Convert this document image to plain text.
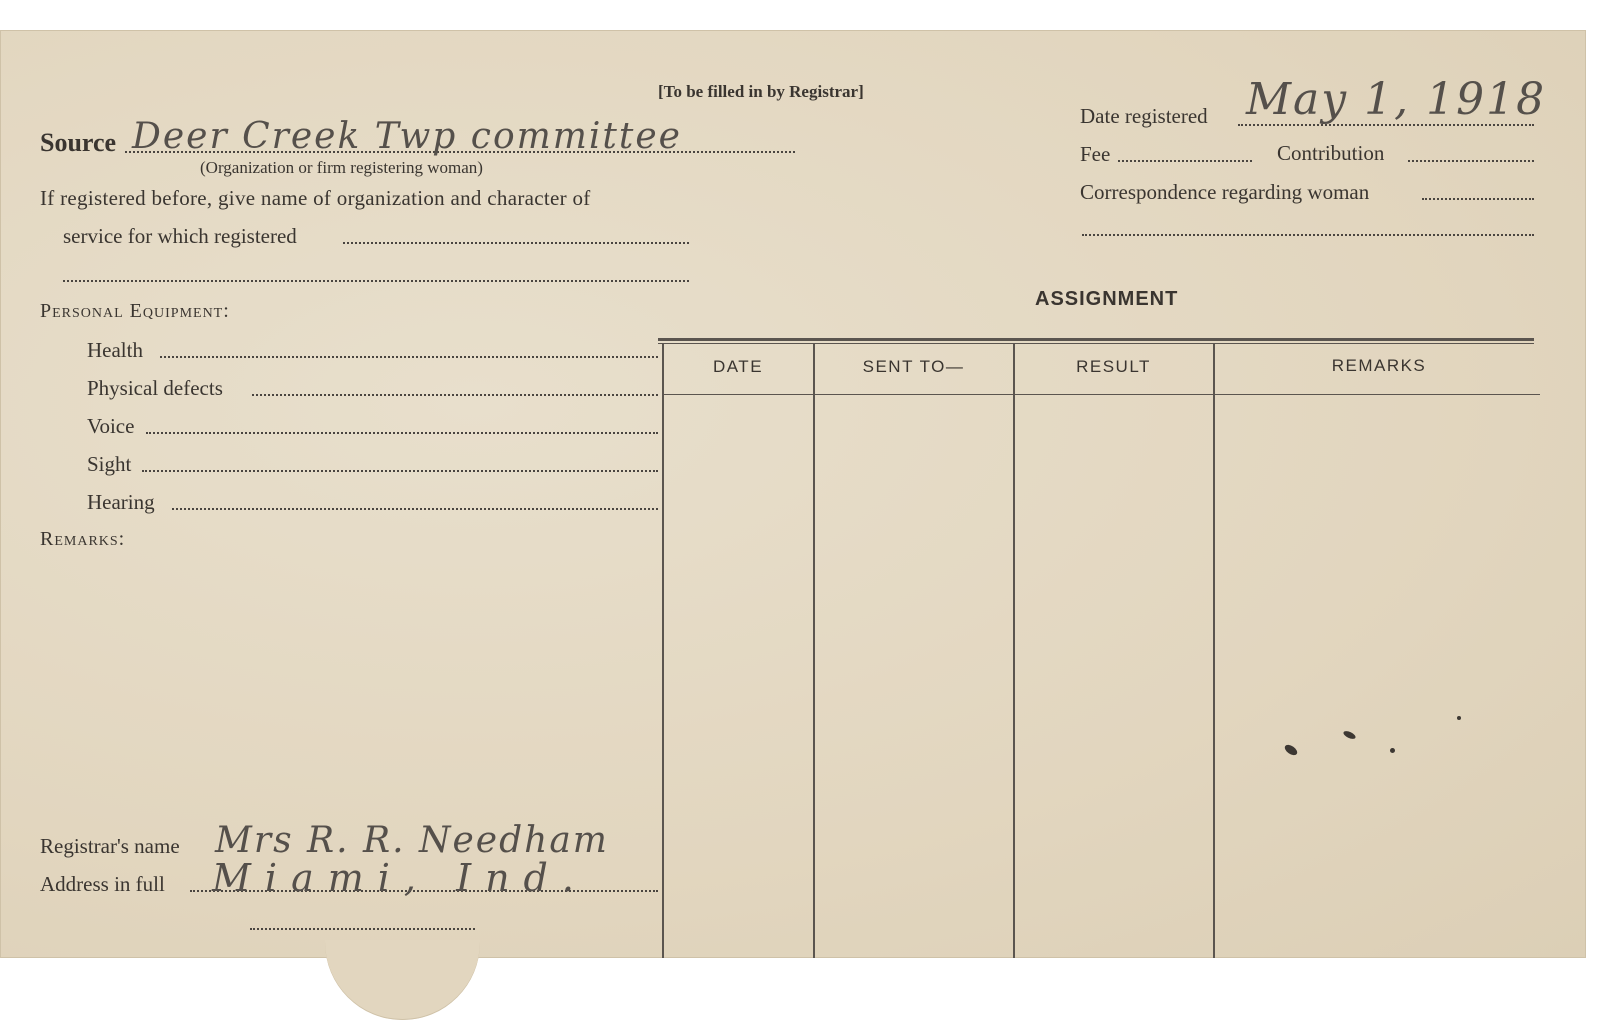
[To be filled in by Registrar]
Source Deer Creek Twp committee
(Organization or firm registering woman)
If registered before, give name of organization and character of
service for which registered
Date registered May 1, 1918
Fee	Contribution
Correspondence regarding woman
Personal Equipment:
Health
Physical defects
Voice
Sight
Hearing
Remarks:
ASSIGNMENT
DATE	SENT TO—	RESULT	REMARKS
Registrar's name Mrs R. R. Needham
Address in full Miami, Ind.
